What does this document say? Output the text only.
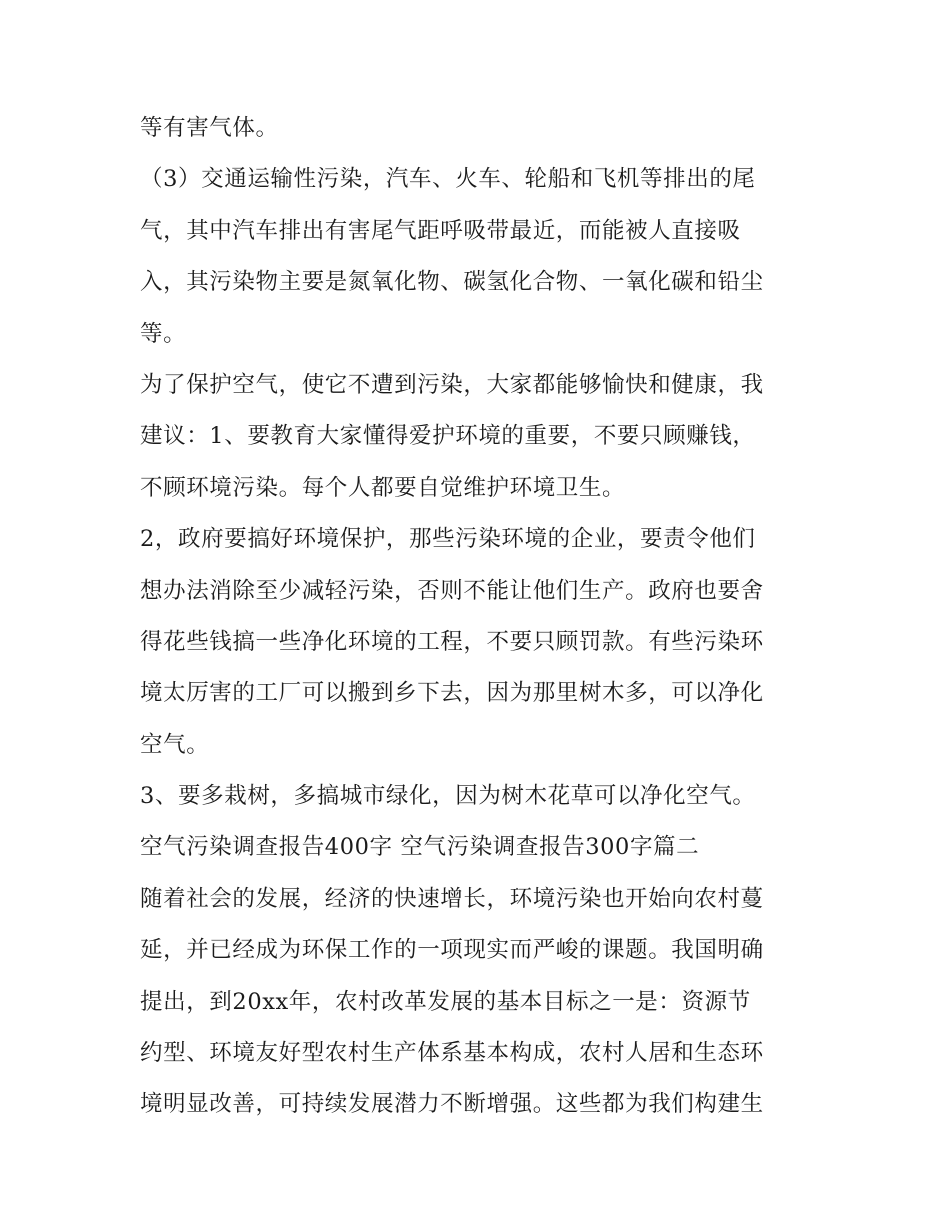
等有害气体。
（3）交通运输性污染，汽车、火车、轮船和飞机等排出的尾
气，其中汽车排出有害尾气距呼吸带最近，而能被人直接吸
入，其污染物主要是氮氧化物、碳氢化合物、一氧化碳和铅尘
等。
为了保护空气，使它不遭到污染，大家都能够愉快和健康，我
建议：1、要教育大家懂得爱护环境的重要，不要只顾赚钱，
不顾环境污染。每个人都要自觉维护环境卫生。
2，政府要搞好环境保护，那些污染环境的企业，要责令他们
想办法消除至少减轻污染，否则不能让他们生产。政府也要舍
得花些钱搞一些净化环境的工程，不要只顾罚款。有些污染环
境太厉害的工厂可以搬到乡下去，因为那里树木多，可以净化
空气。
3、要多栽树，多搞城市绿化，因为树木花草可以净化空气。
空气污染调查报告400字 空气污染调查报告300字篇二
随着社会的发展，经济的快速增长，环境污染也开始向农村蔓
延，并已经成为环保工作的一项现实而严峻的课题。我国明确
提出，到20xx年，农村改革发展的基本目标之一是：资源节
约型、环境友好型农村生产体系基本构成，农村人居和生态环
境明显改善，可持续发展潜力不断增强。这些都为我们构建生
